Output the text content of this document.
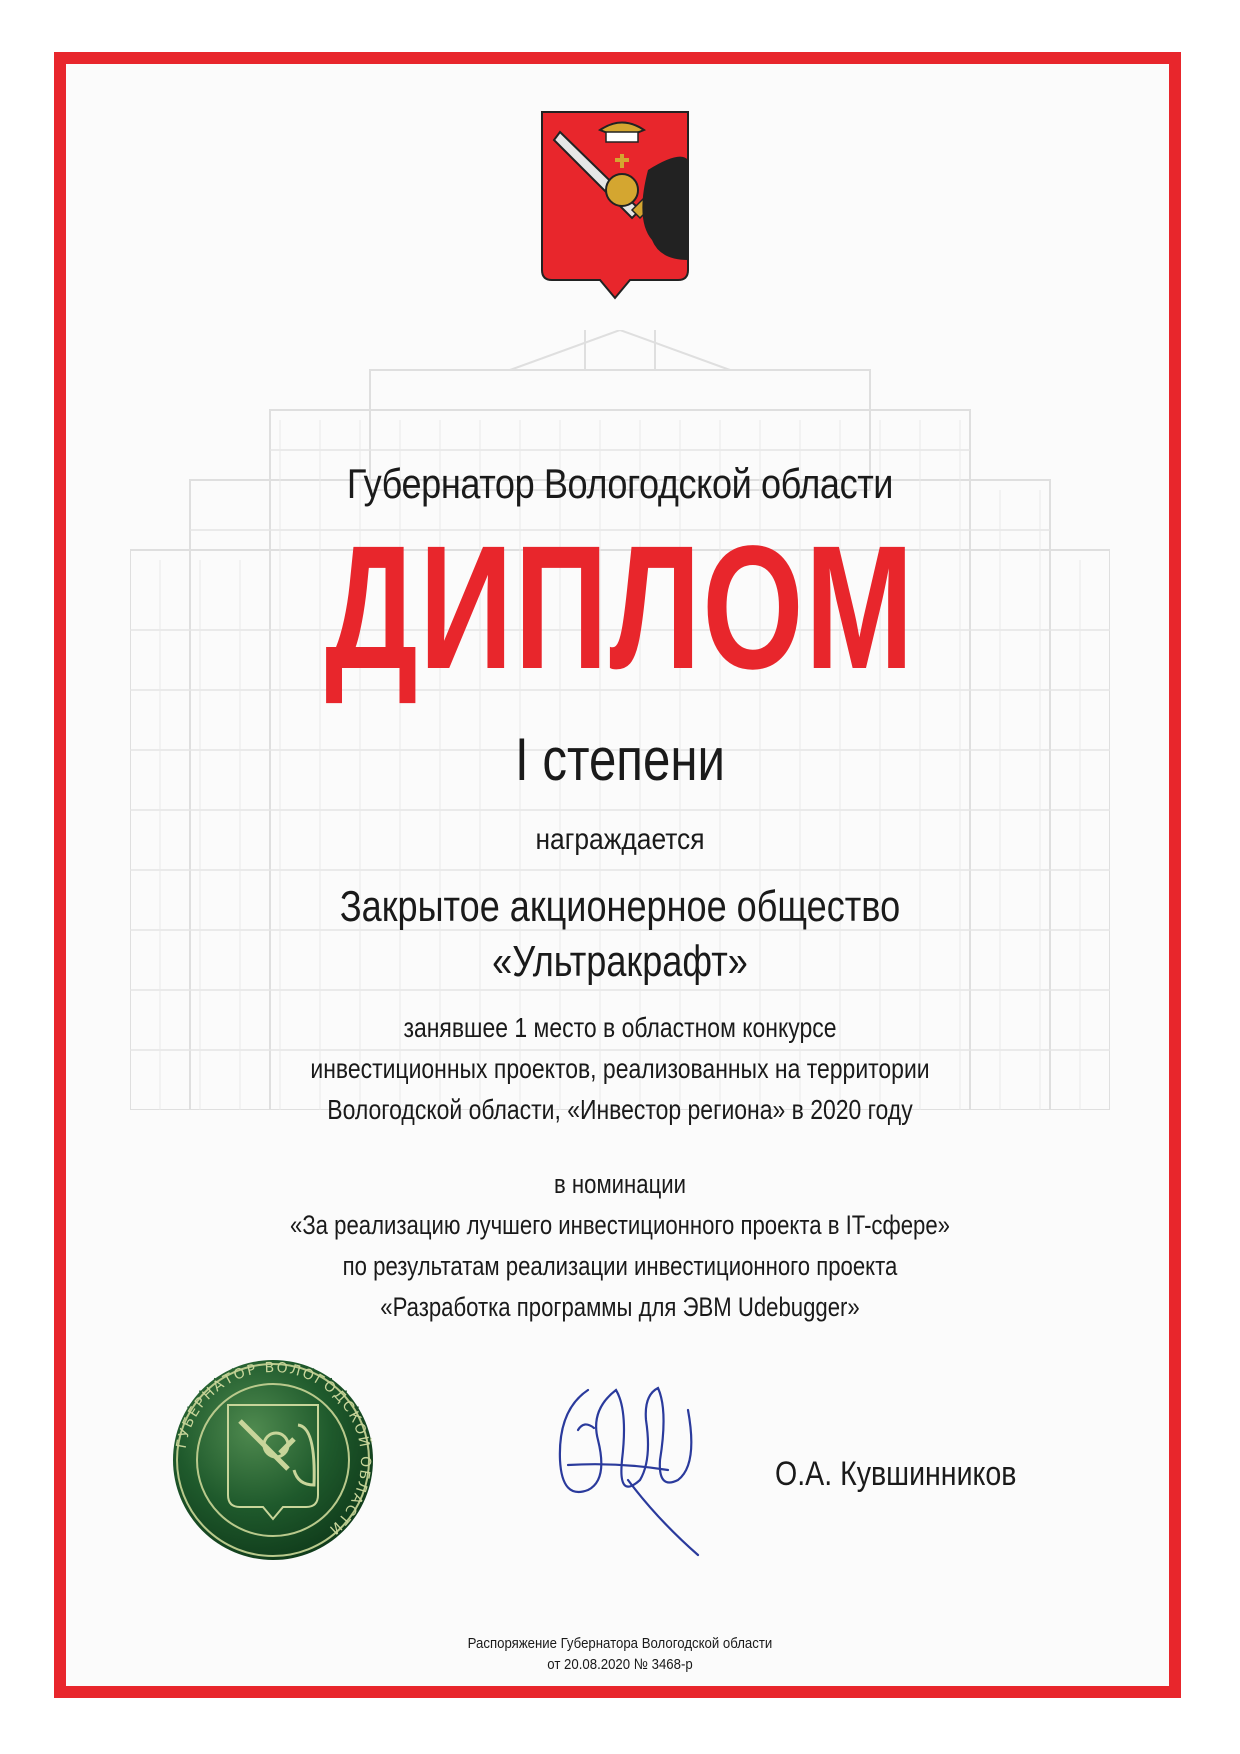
Губернатор Вологодской области
ДИПЛОМ
I степени
награждается
Закрытое акционерное общество
«Ультракрафт»
занявшее 1 место в областном конкурсе
инвестиционных проектов, реализованных на территории
Вологодской области, «Инвестор региона» в 2020 году
в номинации
«За реализацию лучшего инвестиционного проекта в IT-сфере»
по результатам реализации инвестиционного проекта
«Разработка программы для ЭВМ Udebugger»
ГУБЕРНАТОР ВОЛОГОДСКОЙ ОБЛАСТИ
О.А. Кувшинников
Распоряжение Губернатора Вологодской области
от 20.08.2020 № 3468-р
